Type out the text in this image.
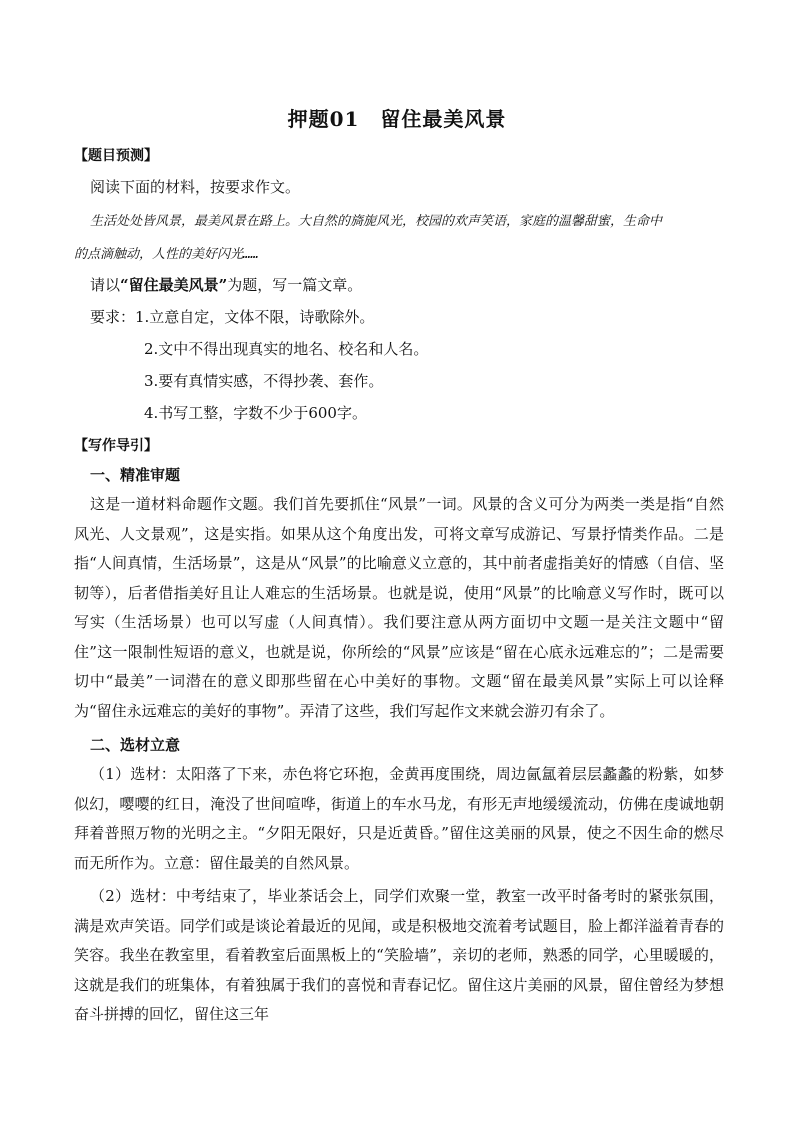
押题01　留住最美风景
【题目预测】
阅读下面的材料，按要求作文。
生活处处皆风景，最美风景在路上。大自然的旖旎风光，校园的欢声笑语，家庭的温馨甜蜜，生命中
的点滴触动，人性的美好闪光……
请以“留住最美风景”为题，写一篇文章。
要求：1.立意自定，文体不限，诗歌除外。
2.文中不得出现真实的地名、校名和人名。
3.要有真情实感，不得抄袭、套作。
4.书写工整，字数不少于600字。
【写作导引】
一、精准审题

这是一道材料命题作文题。我们首先要抓住“风景”一词。风景的含义可分为两类一类是指“自然风光、人文景观”，这是实指。如果从这个角度出发，可将文章写成游记、写景抒情类作品。二是指“人间真情，生活场景”，这是从“风景”的比喻意义立意的，其中前者虚指美好的情感（自信、坚韧等），后者借指美好且让人难忘的生活场景。也就是说，使用“风景”的比喻意义写作时，既可以写实（生活场景）也可以写虚（人间真情）。我们要注意从两方面切中文题一是关注文题中“留住”这一限制性短语的意义，也就是说，你所绘的“风景”应该是“留在心底永远难忘的”；二是需要切中“最美”一词潜在的意义即那些留在心中美好的事物。文题“留在最美风景”实际上可以诠释为“留住永远难忘的美好的事物”。弄清了这些，我们写起作文来就会游刃有余了。

二、选材立意

（1）选材：太阳落了下来，赤色将它环抱，金黄再度围绕，周边氤氲着层层蠡蠡的粉紫，如梦似幻，嘤嘤的红日，淹没了世间喧哗，街道上的车水马龙，有形无声地缓缓流动，仿佛在虔诚地朝拜着普照万物的光明之主。“夕阳无限好，只是近黄昏。”留住这美丽的风景，使之不因生命的燃尽而无所作为。立意：留住最美的自然风景。

（2）选材：中考结束了，毕业茶话会上，同学们欢聚一堂，教室一改平时备考时的紧张氛围，满是欢声笑语。同学们或是谈论着最近的见闻，或是积极地交流着考试题目，脸上都洋溢着青春的笑容。我坐在教室里，看着教室后面黑板上的“笑脸墙”，亲切的老师，熟悉的同学，心里暖暖的，这就是我们的班集体，有着独属于我们的喜悦和青春记忆。留住这片美丽的风景，留住曾经为梦想奋斗拼搏的回忆，留住这三年
